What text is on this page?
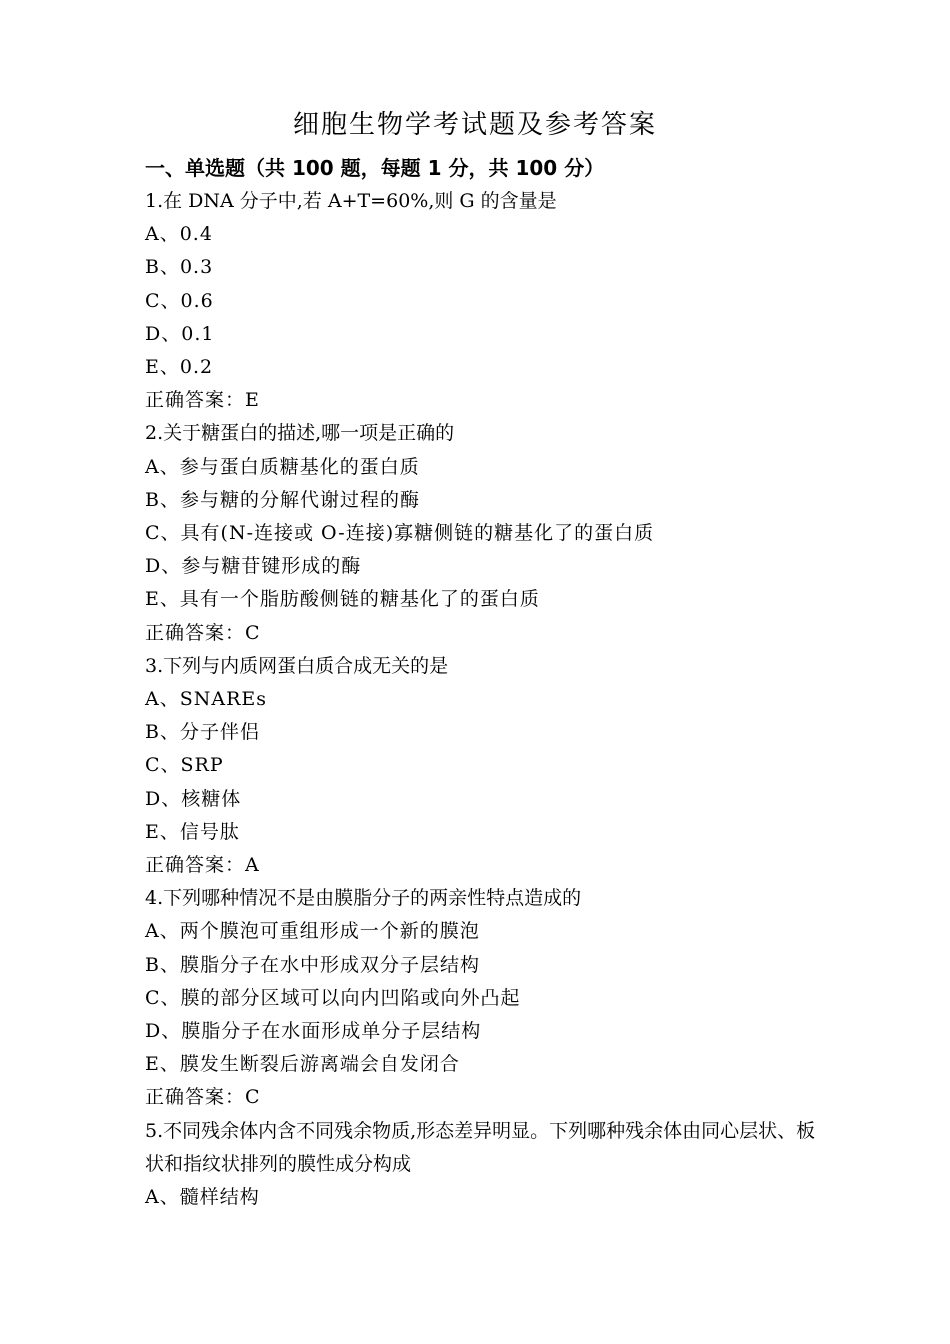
细胞生物学考试题及参考答案
一、单选题（共 100 题，每题 1 分，共 100 分）
1.在 DNA 分子中,若 A+T=60%,则 G 的含量是
A、0.4
B、0.3
C、0.6
D、0.1
E、0.2
正确答案：E
2.关于糖蛋白的描述,哪一项是正确的
A、参与蛋白质糖基化的蛋白质
B、参与糖的分解代谢过程的酶
C、具有(N-连接或 O-连接)寡糖侧链的糖基化了的蛋白质
D、参与糖苷键形成的酶
E、具有一个脂肪酸侧链的糖基化了的蛋白质
正确答案：C
3.下列与内质网蛋白质合成无关的是
A、SNAREs
B、分子伴侣
C、SRP
D、核糖体
E、信号肽
正确答案：A
4.下列哪种情况不是由膜脂分子的两亲性特点造成的
A、两个膜泡可重组形成一个新的膜泡
B、膜脂分子在水中形成双分子层结构
C、膜的部分区域可以向内凹陷或向外凸起
D、膜脂分子在水面形成单分子层结构
E、膜发生断裂后游离端会自发闭合
正确答案：C
5.不同残余体内含不同残余物质,形态差异明显。下列哪种残余体由同心层状、板状和指纹状排列的膜性成分构成
A、髓样结构
